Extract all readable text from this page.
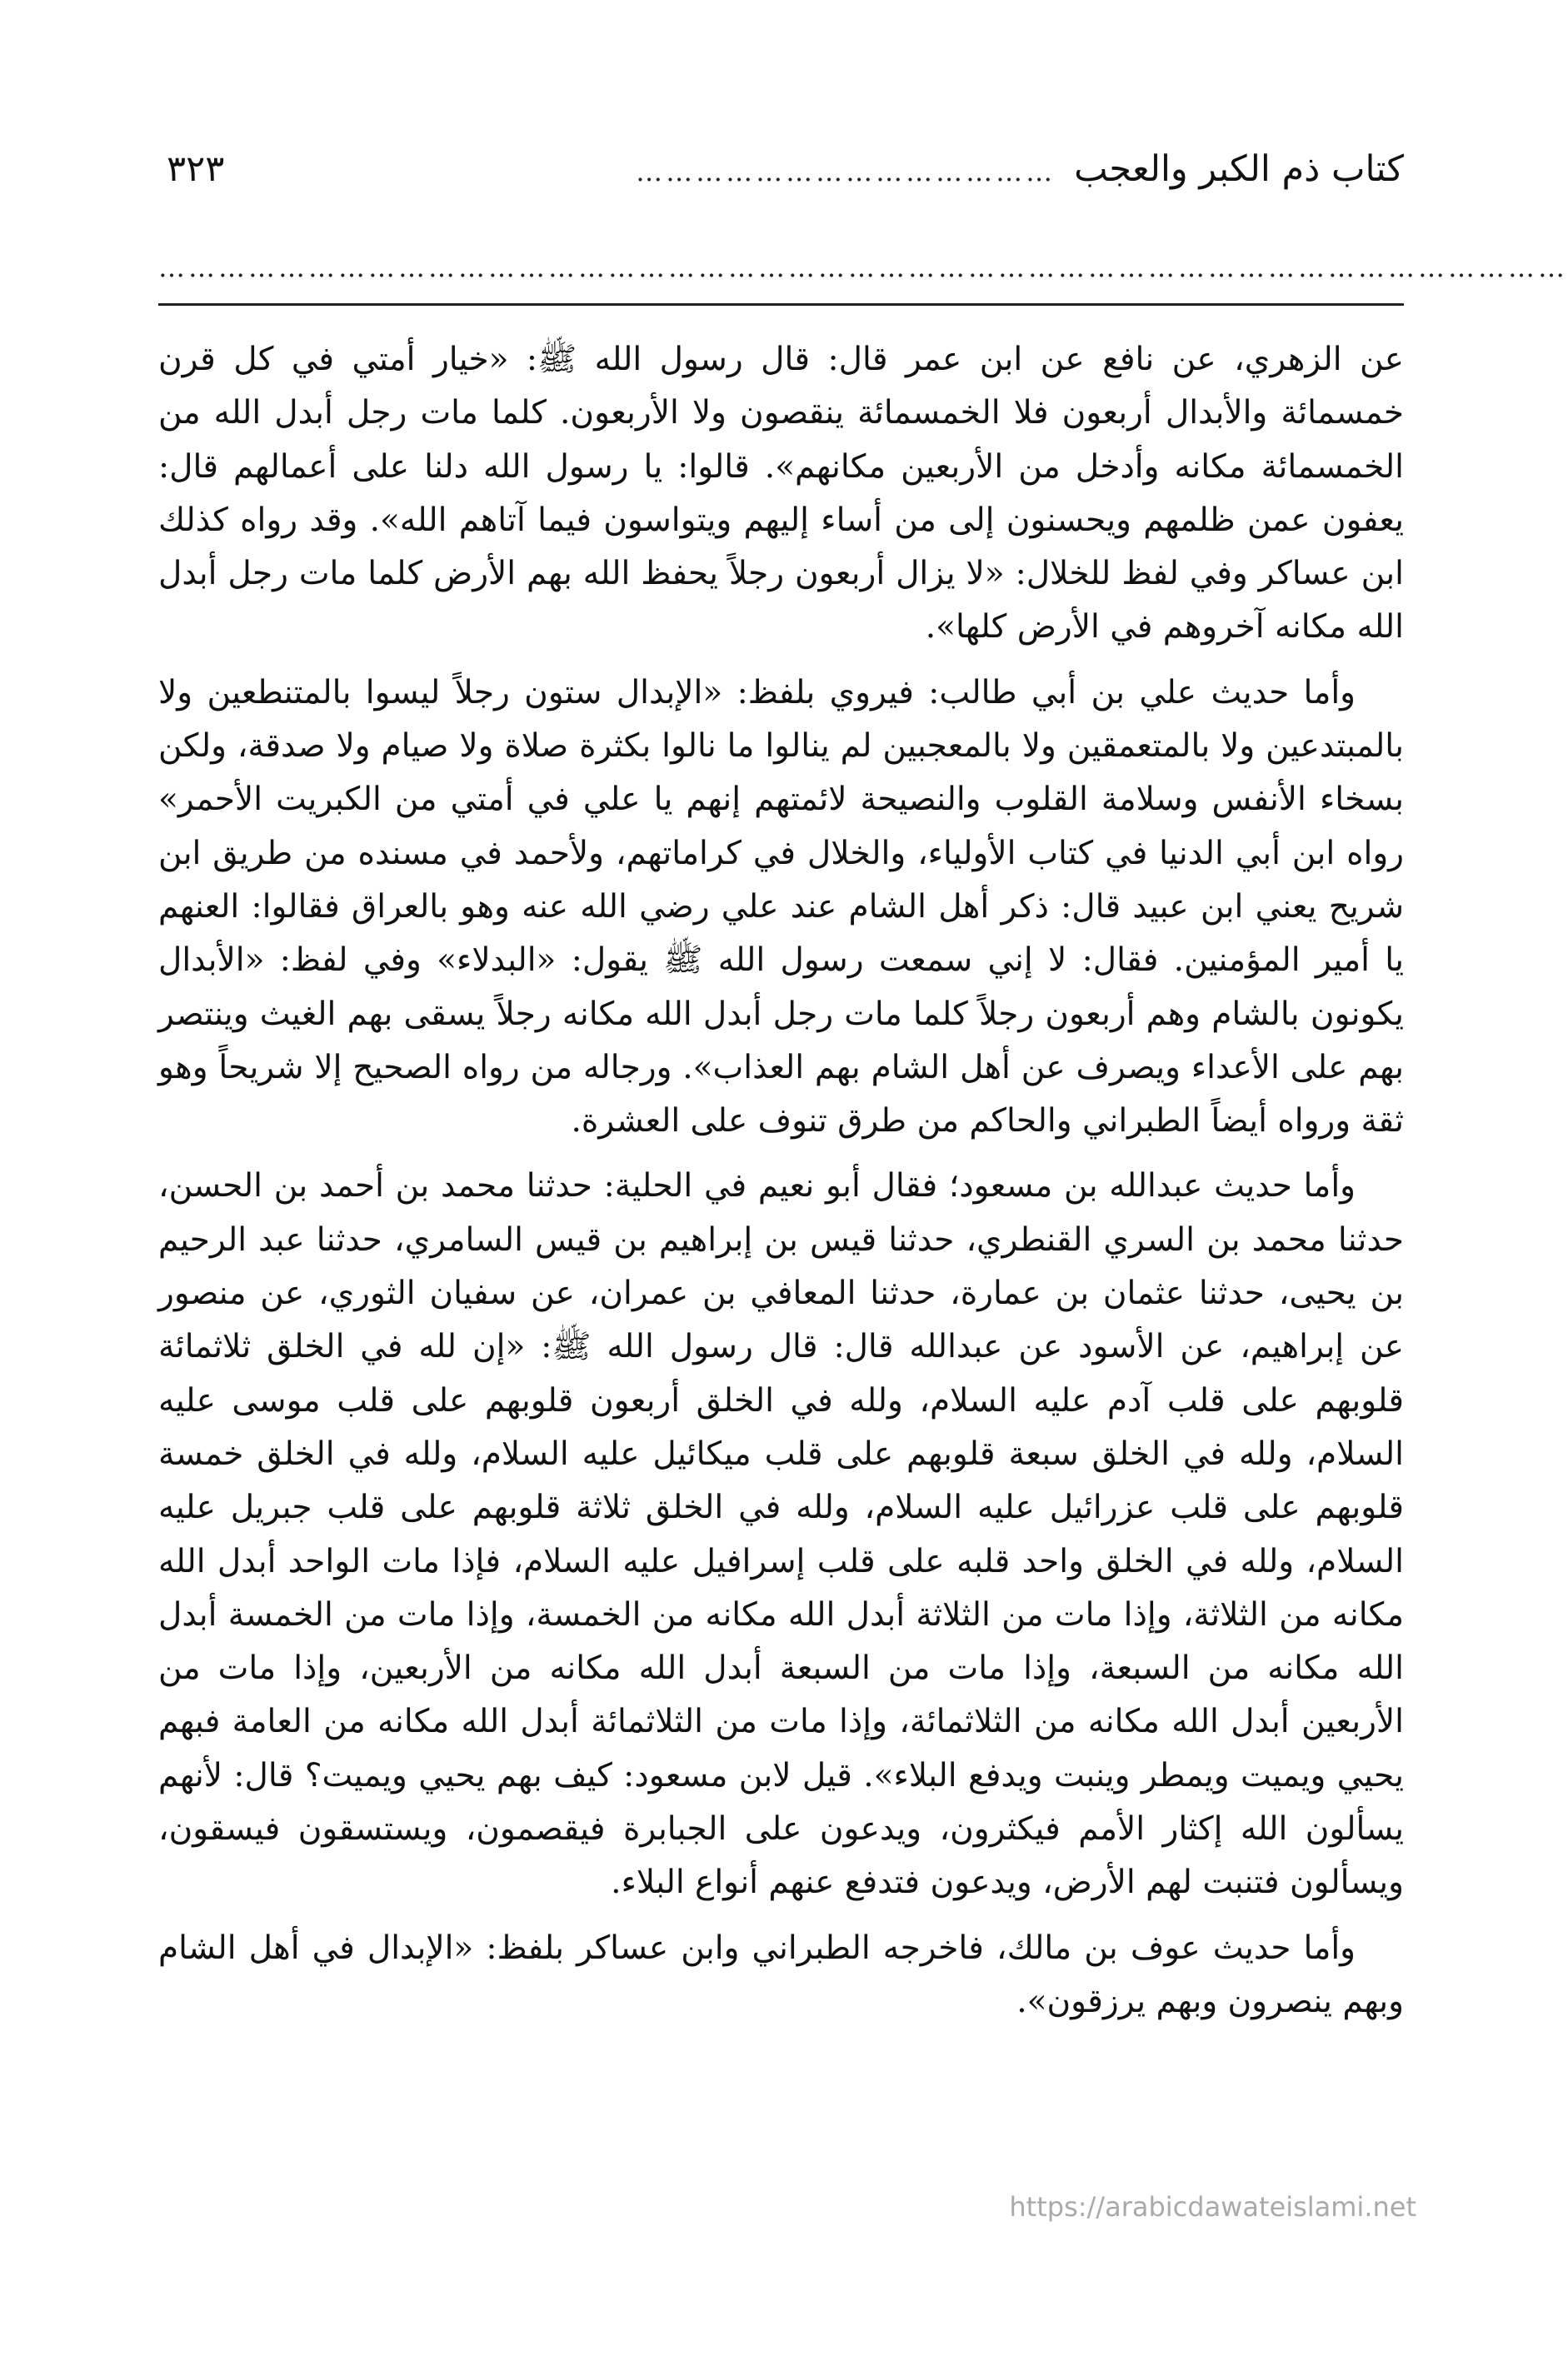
كتاب ذم الكبر والعجب
……………………………………
٣٢٣
……………………………………………………………………………………………………………………………

عن الزهري، عن نافع عن ابن عمر قال: قال رسول الله ﷺ: «خيار أمتي في كل قرن خمسمائة والأبدال أربعون فلا الخمسمائة ينقصون ولا الأربعون. كلما مات رجل أبدل الله من الخمسمائة مكانه وأدخل من الأربعين مكانهم». قالوا: يا رسول الله دلنا على أعمالهم قال: يعفون عمن ظلمهم ويحسنون إلى من أساء إليهم ويتواسون فيما آتاهم الله». وقد رواه كذلك ابن عساكر وفي لفظ للخلال: «لا يزال أربعون رجلاً يحفظ الله بهم الأرض كلما مات رجل أبدل الله مكانه آخروهم في الأرض كلها».

وأما حديث علي بن أبي طالب: فيروي بلفظ: «الإبدال ستون رجلاً ليسوا بالمتنطعين ولا بالمبتدعين ولا بالمتعمقين ولا بالمعجبين لم ينالوا ما نالوا بكثرة صلاة ولا صيام ولا صدقة، ولكن بسخاء الأنفس وسلامة القلوب والنصيحة لائمتهم إنهم يا علي في أمتي من الكبريت الأحمر» رواه ابن أبي الدنيا في كتاب الأولياء، والخلال في كراماتهم، ولأحمد في مسنده من طريق ابن شريح يعني ابن عبيد قال: ذكر أهل الشام عند علي رضي الله عنه وهو بالعراق فقالوا: العنهم يا أمير المؤمنين. فقال: لا إني سمعت رسول الله ﷺ يقول: «البدلاء» وفي لفظ: «الأبدال يكونون بالشام وهم أربعون رجلاً كلما مات رجل أبدل الله مكانه رجلاً يسقى بهم الغيث وينتصر بهم على الأعداء ويصرف عن أهل الشام بهم العذاب». ورجاله من رواه الصحيح إلا شريحاً وهو ثقة ورواه أيضاً الطبراني والحاكم من طرق تنوف على العشرة.

وأما حديث عبدالله بن مسعود؛ فقال أبو نعيم في الحلية: حدثنا محمد بن أحمد بن الحسن، حدثنا محمد بن السري القنطري، حدثنا قيس بن إبراهيم بن قيس السامري، حدثنا عبد الرحيم بن يحيى، حدثنا عثمان بن عمارة، حدثنا المعافي بن عمران، عن سفيان الثوري، عن منصور عن إبراهيم، عن الأسود عن عبدالله قال: قال رسول الله ﷺ: «إن لله في الخلق ثلاثمائة قلوبهم على قلب آدم عليه السلام، ولله في الخلق أربعون قلوبهم على قلب موسى عليه السلام، ولله في الخلق سبعة قلوبهم على قلب ميكائيل عليه السلام، ولله في الخلق خمسة قلوبهم على قلب عزرائيل عليه السلام، ولله في الخلق ثلاثة قلوبهم على قلب جبريل عليه السلام، ولله في الخلق واحد قلبه على قلب إسرافيل عليه السلام، فإذا مات الواحد أبدل الله مكانه من الثلاثة، وإذا مات من الثلاثة أبدل الله مكانه من الخمسة، وإذا مات من الخمسة أبدل الله مكانه من السبعة، وإذا مات من السبعة أبدل الله مكانه من الأربعين، وإذا مات من الأربعين أبدل الله مكانه من الثلاثمائة، وإذا مات من الثلاثمائة أبدل الله مكانه من العامة فبهم يحيي ويميت ويمطر وينبت ويدفع البلاء». قيل لابن مسعود: كيف بهم يحيي ويميت؟ قال: لأنهم يسألون الله إكثار الأمم فيكثرون، ويدعون على الجبابرة فيقصمون، ويستسقون فيسقون، ويسألون فتنبت لهم الأرض، ويدعون فتدفع عنهم أنواع البلاء.

وأما حديث عوف بن مالك، فاخرجه الطبراني وابن عساكر بلفظ: «الإبدال في أهل الشام وبهم ينصرون وبهم يرزقون».

https://arabicdawateislami.net
